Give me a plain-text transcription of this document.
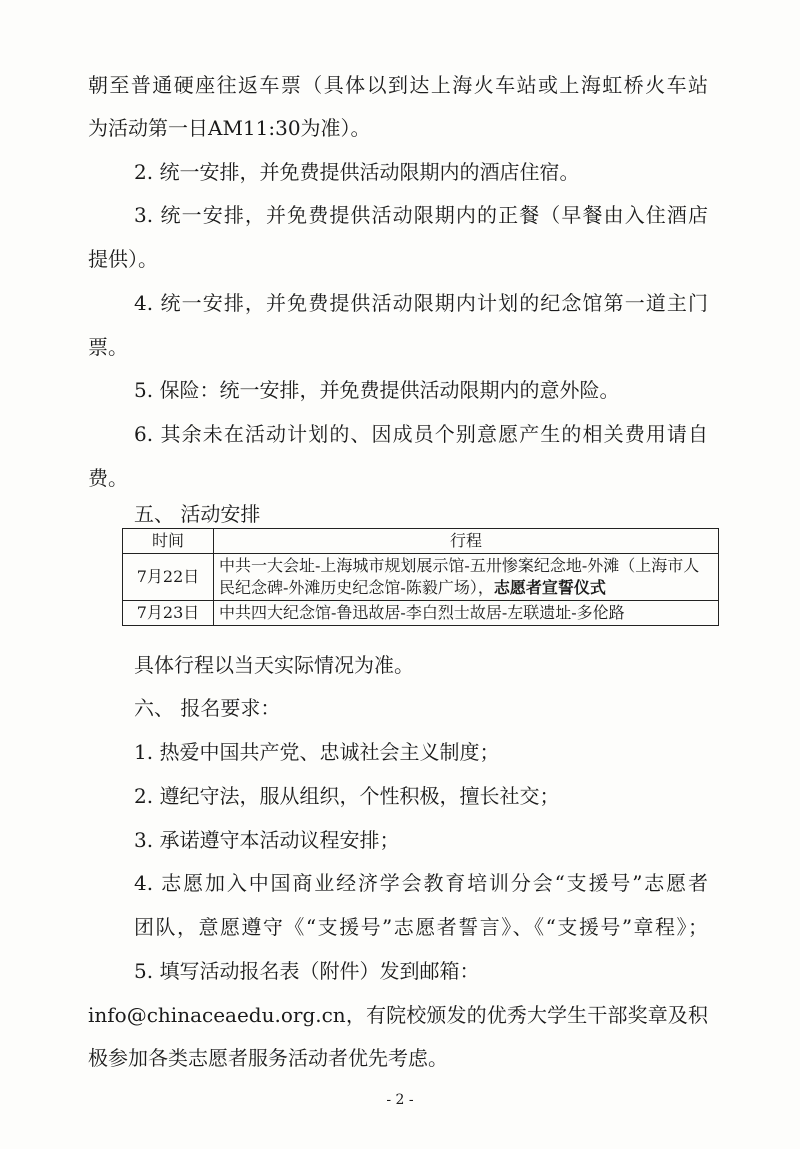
朝至普通硬座往返车票（具体以到达上海火车站或上海虹桥火车站
为活动第一日AM11:30为准）。
2. 统一安排，并免费提供活动限期内的酒店住宿。
3. 统一安排，并免费提供活动限期内的正餐（早餐由入住酒店
提供）。
4. 统一安排，并免费提供活动限期内计划的纪念馆第一道主门
票。
5. 保险：统一安排，并免费提供活动限期内的意外险。
6. 其余未在活动计划的、因成员个别意愿产生的相关费用请自
费。
五、 活动安排
时间	行程
7月22日	中共一大会址-上海城市规划展示馆-五卅惨案纪念地-外滩（上海市人民纪念碑-外滩历史纪念馆-陈毅广场），志愿者宣誓仪式
7月23日	中共四大纪念馆-鲁迅故居-李白烈士故居-左联遗址-多伦路
具体行程以当天实际情况为准。
六、 报名要求：
1. 热爱中国共产党、忠诚社会主义制度；
2. 遵纪守法，服从组织，个性积极，擅长社交；
3. 承诺遵守本活动议程安排；
4. 志愿加入中国商业经济学会教育培训分会“支援号”志愿者
团队，意愿遵守《“支援号”志愿者誓言》、《“支援号”章程》；
5. 填写活动报名表（附件）发到邮箱：
info@chinaceaedu.org.cn，有院校颁发的优秀大学生干部奖章及积
极参加各类志愿者服务活动者优先考虑。
- 2 -
